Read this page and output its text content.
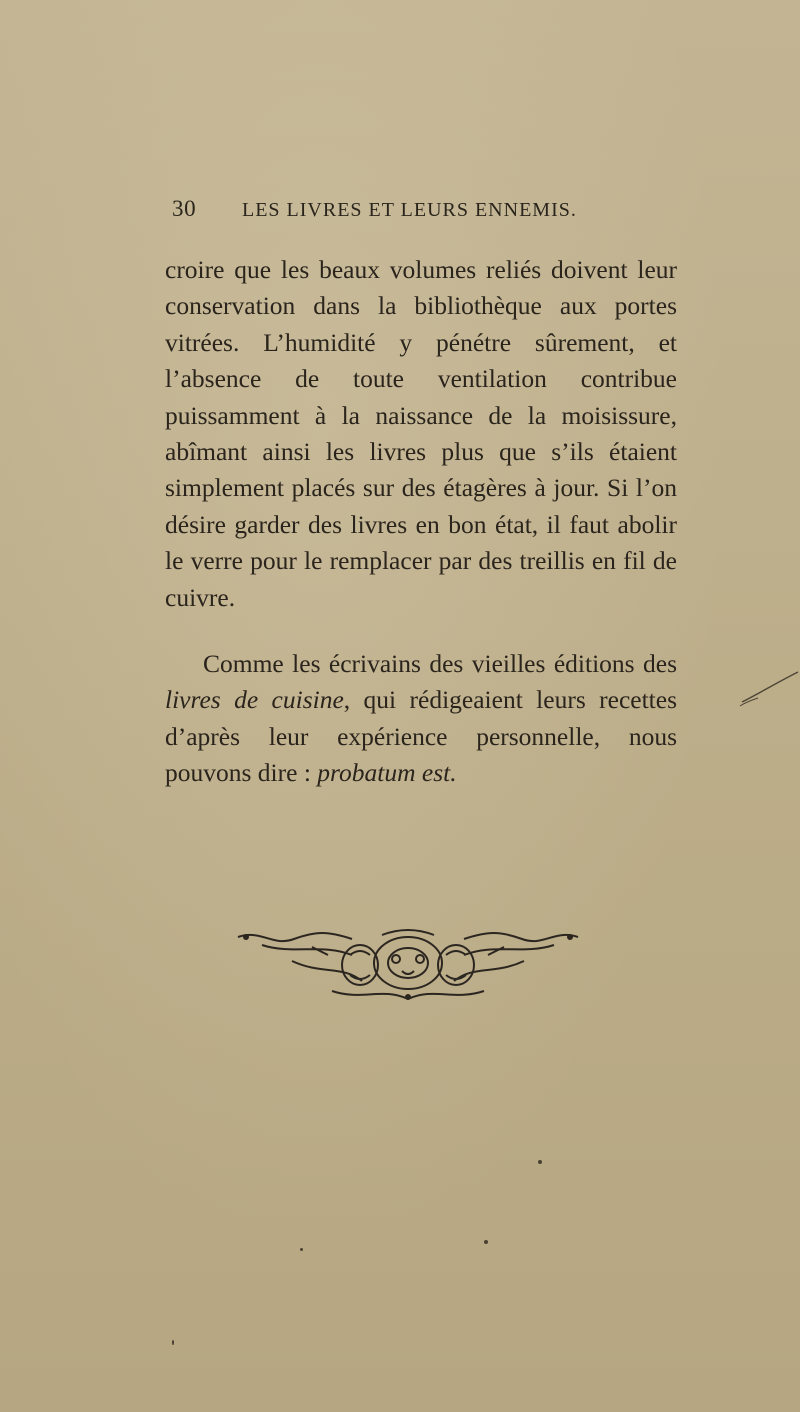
30	LES LIVRES ET LEURS ENNEMIS.

croire que les beaux volumes reliés doivent leur conservation dans la bibliothèque aux portes vitrées. L’humidité y pénétre sûrement, et l’absence de toute ventilation contribue puissamment à la naissance de la moisissure, abîmant ainsi les livres plus que s’ils étaient simplement placés sur des étagères à jour. Si l’on désire garder des livres en bon état, il faut abolir le verre pour le remplacer par des treillis en fil de cuivre.

Comme les écrivains des vieilles éditions des livres de cuisine, qui rédigeaient leurs recettes d’après leur expérience personnelle, nous pouvons dire : probatum est.
